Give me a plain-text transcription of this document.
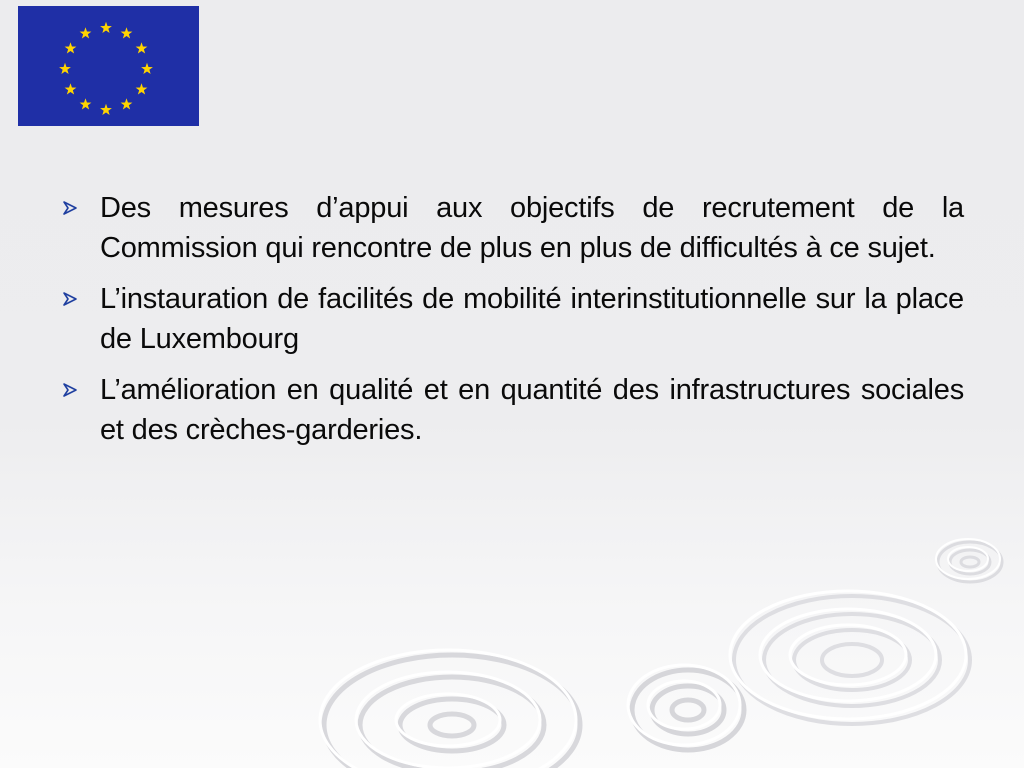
Des mesures d’appui aux objectifs de recrutement de la Commission qui rencontre de plus en plus de difficultés à ce sujet.
L’instauration de facilités de mobilité interinstitutionnelle sur la place de Luxembourg
L’amélioration en qualité et en quantité des infrastructures sociales et des crèches-garderies.
